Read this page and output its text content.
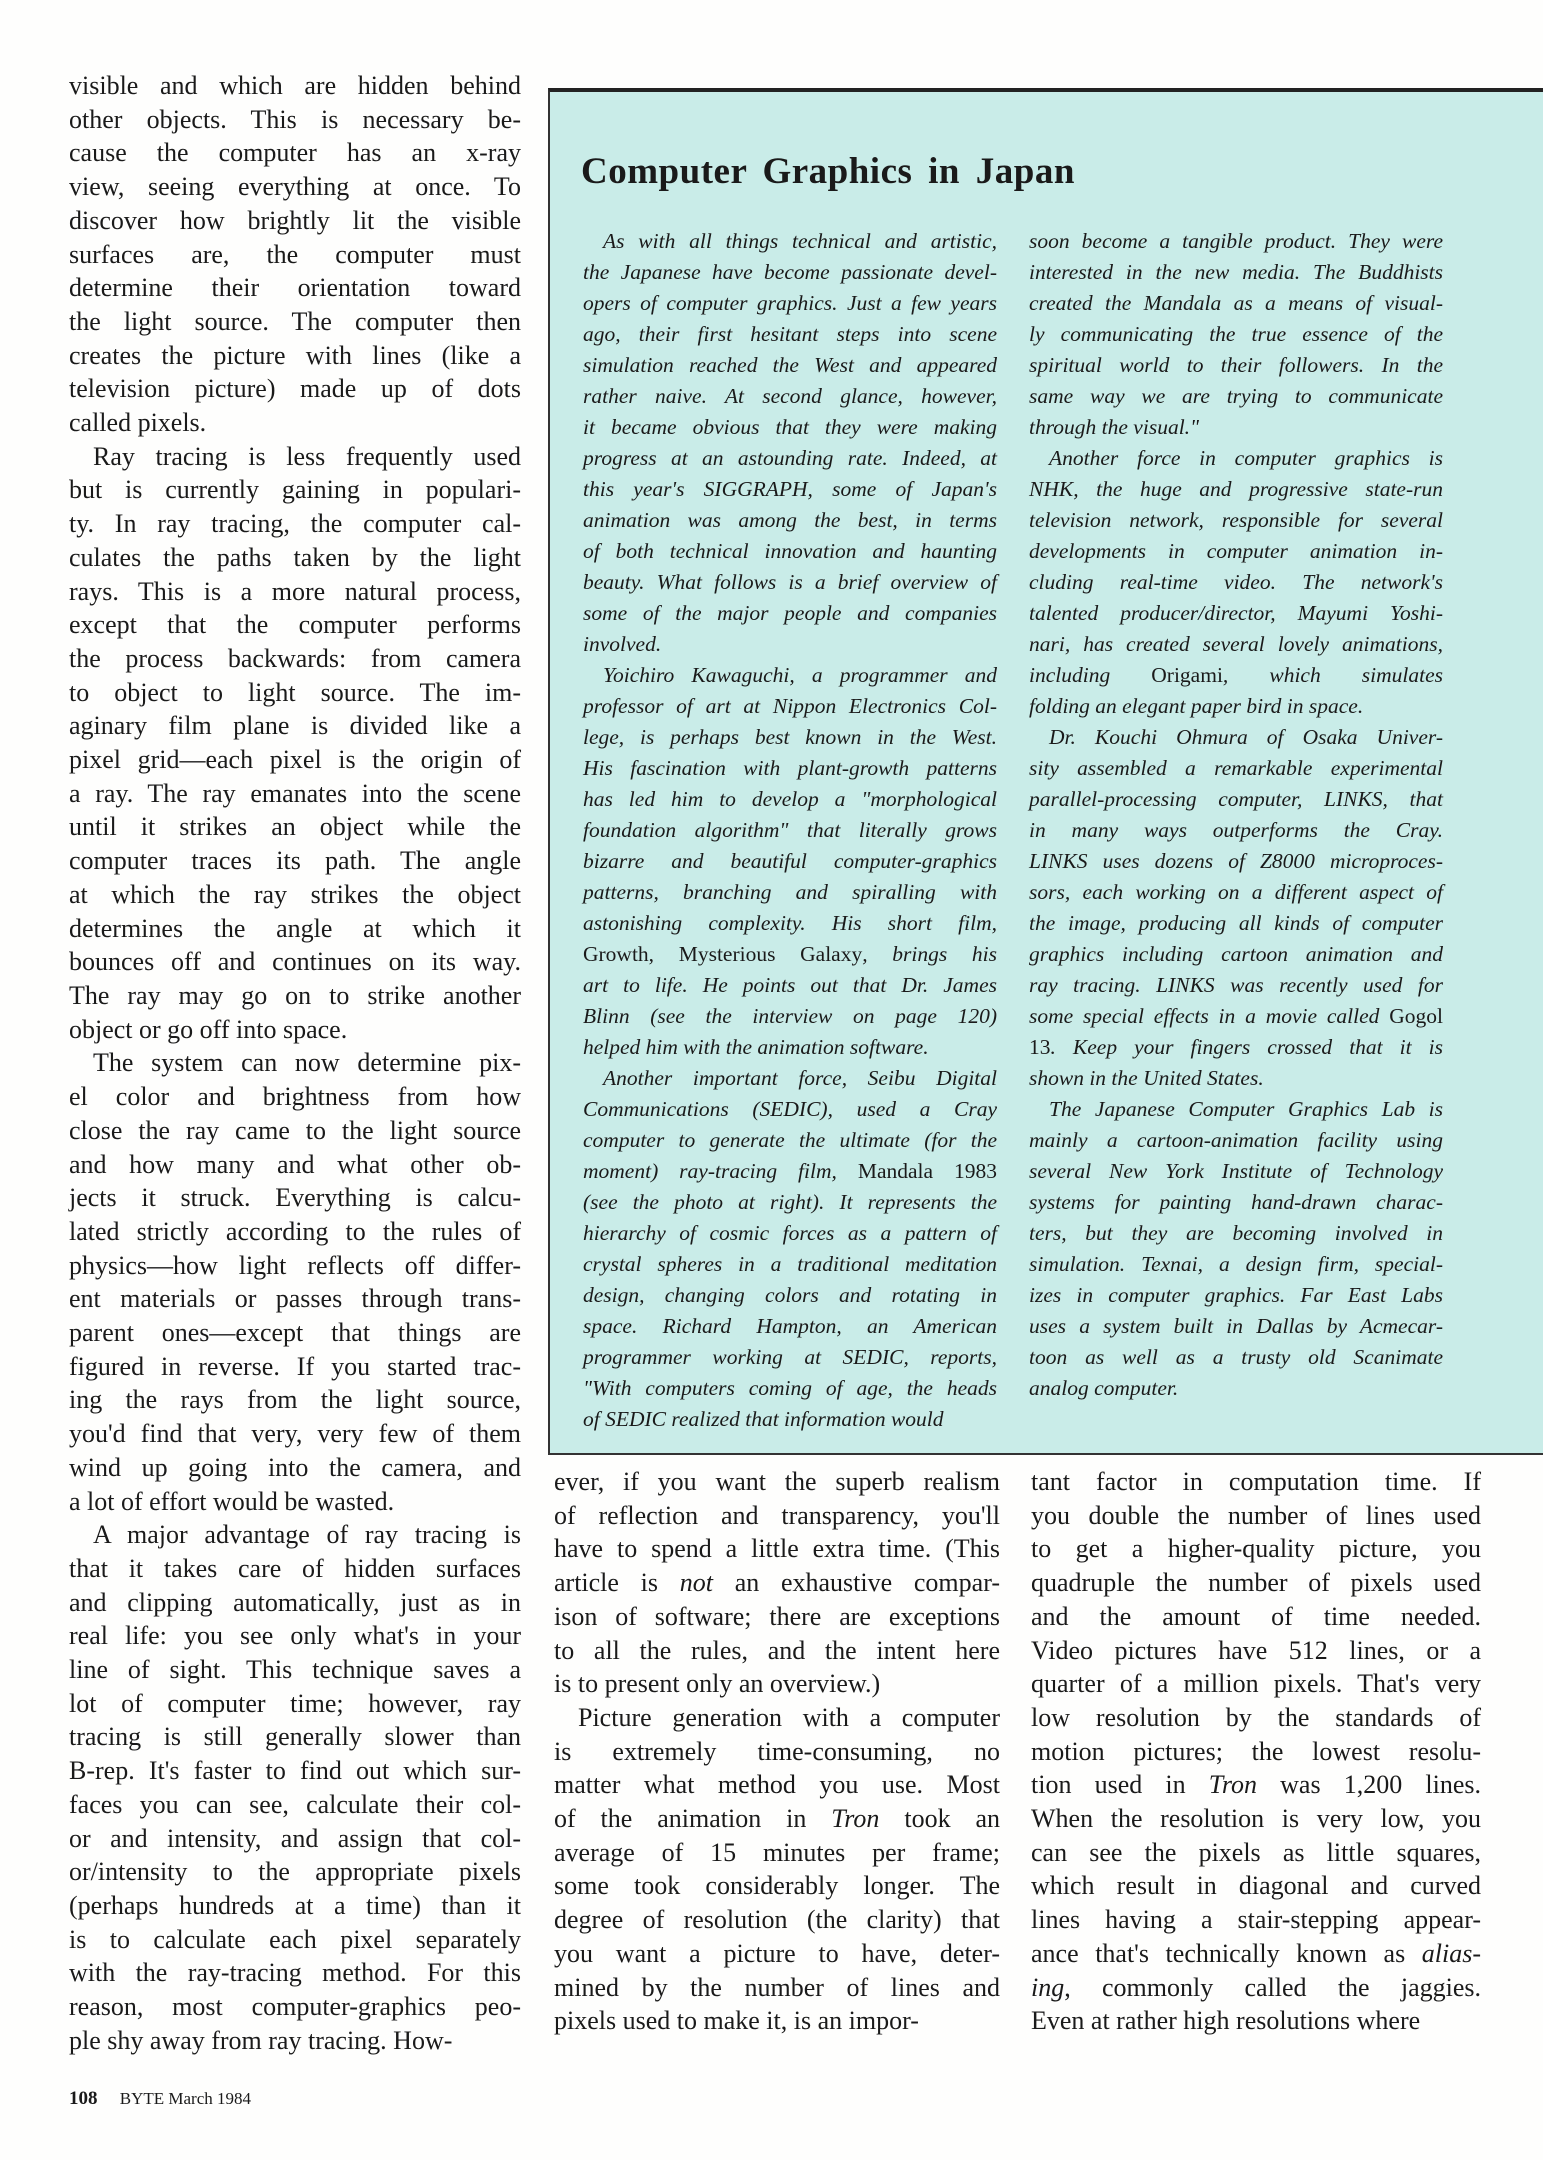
Computer Graphics in Japan
visible and which are hidden behind
other objects. This is necessary be-
cause the computer has an x-ray
view, seeing everything at once. To
discover how brightly lit the visible
surfaces are, the computer must
determine their orientation toward
the light source. The computer then
creates the picture with lines (like a
television picture) made up of dots
called pixels.
Ray tracing is less frequently used
but is currently gaining in populari-
ty. In ray tracing, the computer cal-
culates the paths taken by the light
rays. This is a more natural process,
except that the computer performs
the process backwards: from camera
to object to light source. The im-
aginary film plane is divided like a
pixel grid—each pixel is the origin of
a ray. The ray emanates into the scene
until it strikes an object while the
computer traces its path. The angle
at which the ray strikes the object
determines the angle at which it
bounces off and continues on its way.
The ray may go on to strike another
object or go off into space.
The system can now determine pix-
el color and brightness from how
close the ray came to the light source
and how many and what other ob-
jects it struck. Everything is calcu-
lated strictly according to the rules of
physics—how light reflects off differ-
ent materials or passes through trans-
parent ones—except that things are
figured in reverse. If you started trac-
ing the rays from the light source,
you'd find that very, very few of them
wind up going into the camera, and
a lot of effort would be wasted.
A major advantage of ray tracing is
that it takes care of hidden surfaces
and clipping automatically, just as in
real life: you see only what's in your
line of sight. This technique saves a
lot of computer time; however, ray
tracing is still generally slower than
B-rep. It's faster to find out which sur-
faces you can see, calculate their col-
or and intensity, and assign that col-
or/intensity to the appropriate pixels
(perhaps hundreds at a time) than it
is to calculate each pixel separately
with the ray-tracing method. For this
reason, most computer-graphics peo-
ple shy away from ray tracing. How-
ever, if you want the superb realism
of reflection and transparency, you'll
have to spend a little extra time. (This
article is not an exhaustive compar-
ison of software; there are exceptions
to all the rules, and the intent here
is to present only an overview.)
Picture generation with a computer
is extremely time-consuming, no
matter what method you use. Most
of the animation in Tron took an
average of 15 minutes per frame;
some took considerably longer. The
degree of resolution (the clarity) that
you want a picture to have, deter-
mined by the number of lines and
pixels used to make it, is an impor-
tant factor in computation time. If
you double the number of lines used
to get a higher-quality picture, you
quadruple the number of pixels used
and the amount of time needed.
Video pictures have 512 lines, or a
quarter of a million pixels. That's very
low resolution by the standards of
motion pictures; the lowest resolu-
tion used in Tron was 1,200 lines.
When the resolution is very low, you
can see the pixels as little squares,
which result in diagonal and curved
lines having a stair-stepping appear-
ance that's technically known as alias-
ing, commonly called the jaggies.
Even at rather high resolutions where
As with all things technical and artistic,
the Japanese have become passionate devel-
opers of computer graphics. Just a few years
ago, their first hesitant steps into scene
simulation reached the West and appeared
rather naive. At second glance, however,
it became obvious that they were making
progress at an astounding rate. Indeed, at
this year's SIGGRAPH, some of Japan's
animation was among the best, in terms
of both technical innovation and haunting
beauty. What follows is a brief overview of
some of the major people and companies
involved.
Yoichiro Kawaguchi, a programmer and
professor of art at Nippon Electronics Col-
lege, is perhaps best known in the West.
His fascination with plant-growth patterns
has led him to develop a "morphological
foundation algorithm" that literally grows
bizarre and beautiful computer-graphics
patterns, branching and spiralling with
astonishing complexity. His short film,
Growth, Mysterious Galaxy, brings his
art to life. He points out that Dr. James
Blinn (see the interview on page 120)
helped him with the animation software.
Another important force, Seibu Digital
Communications (SEDIC), used a Cray
computer to generate the ultimate (for the
moment) ray-tracing film, Mandala 1983
(see the photo at right). It represents the
hierarchy of cosmic forces as a pattern of
crystal spheres in a traditional meditation
design, changing colors and rotating in
space. Richard Hampton, an American
programmer working at SEDIC, reports,
"With computers coming of age, the heads
of SEDIC realized that information would
soon become a tangible product. They were
interested in the new media. The Buddhists
created the Mandala as a means of visual-
ly communicating the true essence of the
spiritual world to their followers. In the
same way we are trying to communicate
through the visual."
Another force in computer graphics is
NHK, the huge and progressive state-run
television network, responsible for several
developments in computer animation in-
cluding real-time video. The network's
talented producer/director, Mayumi Yoshi-
nari, has created several lovely animations,
including Origami, which simulates
folding an elegant paper bird in space.
Dr. Kouchi Ohmura of Osaka Univer-
sity assembled a remarkable experimental
parallel-processing computer, LINKS, that
in many ways outperforms the Cray.
LINKS uses dozens of Z8000 microproces-
sors, each working on a different aspect of
the image, producing all kinds of computer
graphics including cartoon animation and
ray tracing. LINKS was recently used for
some special effects in a movie called Gogol
13. Keep your fingers crossed that it is
shown in the United States.
The Japanese Computer Graphics Lab is
mainly a cartoon-animation facility using
several New York Institute of Technology
systems for painting hand-drawn charac-
ters, but they are becoming involved in
simulation. Texnai, a design firm, special-
izes in computer graphics. Far East Labs
uses a system built in Dallas by Acmecar-
toon as well as a trusty old Scanimate
analog computer.
108 BYTE March 1984
